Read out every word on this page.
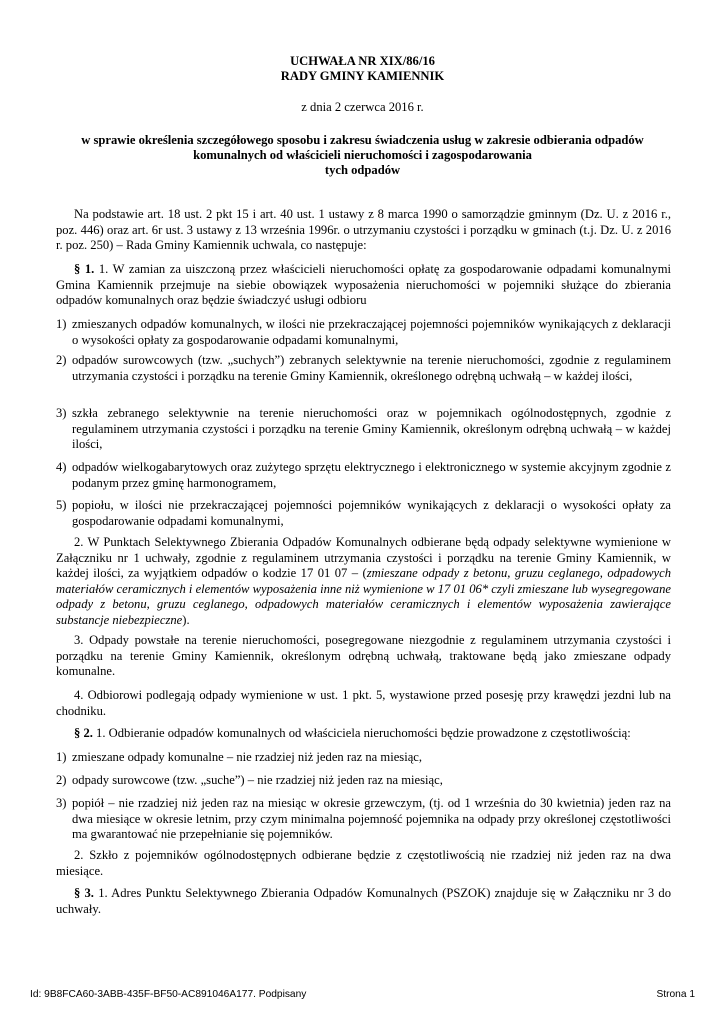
UCHWAŁA NR XIX/86/16
RADY GMINY KAMIENNIK
z dnia 2 czerwca 2016 r.
w sprawie określenia szczegółowego sposobu i zakresu świadczenia usług w zakresie odbierania odpadów
komunalnych od właścicieli nieruchomości i zagospodarowania
tych odpadów
Na podstawie art. 18 ust. 2 pkt 15 i art. 40 ust. 1 ustawy z 8 marca 1990 o samorządzie gminnym (Dz. U. z 2016 r., poz. 446) oraz art. 6r ust. 3 ustawy z 13 września 1996r. o utrzymaniu czystości i porządku w gminach (t.j. Dz. U. z 2016 r. poz. 250) – Rada Gminy Kamiennik uchwala, co następuje:
§ 1. 1. W zamian za uiszczoną przez właścicieli nieruchomości opłatę za gospodarowanie odpadami komunalnymi Gmina Kamiennik przejmuje na siebie obowiązek wyposażenia nieruchomości w pojemniki służące do zbierania odpadów komunalnych oraz będzie świadczyć usługi odbioru
1) zmieszanych odpadów komunalnych, w ilości nie przekraczającej pojemności pojemników wynikających z deklaracji o wysokości opłaty za gospodarowanie odpadami komunalnymi,
2) odpadów surowcowych (tzw. „suchych”) zebranych selektywnie na terenie nieruchomości, zgodnie z regulaminem utrzymania czystości i porządku na terenie Gminy Kamiennik, określonego odrębną uchwałą – w każdej ilości,
3) szkła zebranego selektywnie na terenie nieruchomości oraz w pojemnikach ogólnodostępnych, zgodnie z regulaminem utrzymania czystości i porządku na terenie Gminy Kamiennik, określonym odrębną uchwałą – w każdej ilości,
4) odpadów wielkogabarytowych oraz zużytego sprzętu elektrycznego i elektronicznego w systemie akcyjnym zgodnie z podanym przez gminę harmonogramem,
5) popiołu, w ilości nie przekraczającej pojemności pojemników wynikających z deklaracji o wysokości opłaty za gospodarowanie odpadami komunalnymi,
2. W Punktach Selektywnego Zbierania Odpadów Komunalnych odbierane będą odpady selektywne wymienione w Załączniku nr 1 uchwały, zgodnie z regulaminem utrzymania czystości i porządku na terenie Gminy Kamiennik, w każdej ilości, za wyjątkiem odpadów o kodzie 17 01 07 – (zmieszane odpady z betonu, gruzu ceglanego, odpadowych materiałów ceramicznych i elementów wyposażenia inne niż wymienione w 17 01 06* czyli zmieszane lub wysegregowane odpady z betonu, gruzu ceglanego, odpadowych materiałów ceramicznych i elementów wyposażenia zawierające substancje niebezpieczne).
3. Odpady powstałe na terenie nieruchomości, posegregowane niezgodnie z regulaminem utrzymania czystości i porządku na terenie Gminy Kamiennik, określonym odrębną uchwałą, traktowane będą jako zmieszane odpady komunalne.
4. Odbiorowi podlegają odpady wymienione w ust. 1 pkt. 5, wystawione przed posesję przy krawędzi jezdni lub na chodniku.
§ 2. 1. Odbieranie odpadów komunalnych od właściciela nieruchomości będzie prowadzone z częstotliwością:
1) zmieszane odpady komunalne – nie rzadziej niż jeden raz na miesiąc,
2) odpady surowcowe (tzw. „suche”) – nie rzadziej niż jeden raz na miesiąc,
3) popiół – nie rzadziej niż jeden raz na miesiąc w okresie grzewczym, (tj. od 1 września do 30 kwietnia) jeden raz na dwa miesiące w okresie letnim, przy czym minimalna pojemność pojemnika na odpady przy określonej częstotliwości ma gwarantować nie przepełnianie się pojemników.
2. Szkło z pojemników ogólnodostępnych odbierane będzie z częstotliwością nie rzadziej niż jeden raz na dwa miesiące.
§ 3. 1. Adres Punktu Selektywnego Zbierania Odpadów Komunalnych (PSZOK) znajduje się w Załączniku nr 3 do uchwały.
Id: 9B8FCA60-3ABB-435F-BF50-AC891046A177. Podpisany	Strona 1
